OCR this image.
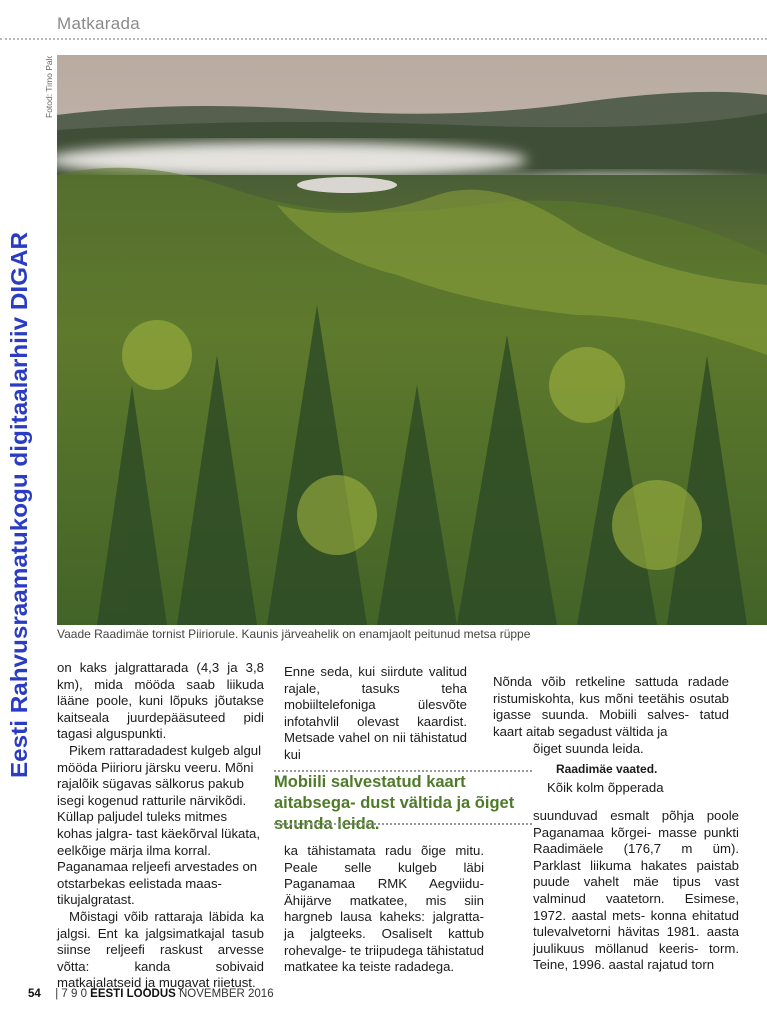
Matkarada
Eesti Rahvusraamatukogu digitaalarhiiv DIGAR
Fotod: Timo Palo
Vaade Raadimäe tornist Piiriorule. Kaunis järveahelik on enamjaolt peitunud metsa rüppe

on kaks jalgrattarada (4,3 ja 3,8 km), mida mööda saab liikuda lääne poole, kuni lõpuks jõutakse kaitseala juurdepääsuteed pidi tagasi alguspunkti.

Pikem rattaradadest kulgeb algul mööda Piirioru järsku veeru. Mõni rajalõik sügavas sälkorus pakub isegi kogenud ratturile närvikõdi. Küllap paljudel tuleks mitmes kohas jalgra- tast käekõrval lükata, eelkõige märja ilma korral. Paganamaa reljeefi arvestades on otstarbekas eelistada maas- tikujalgratast.

Mõistagi võib rattaraja läbida ka jalgsi. Ent ka jalgsimatkajal tasub siinse reljeefi raskust arvesse võtta: kanda sobivaid matkajalatseid ja mugavat riietust.

Enne seda, kui siirdute valitud rajale, tasuks teha mobiiltelefoniga ülesvõte infotahvlil olevast kaardist. Metsade vahel on nii tähistatud kui

Nõnda võib retkeline sattuda radade ristumiskohta, kus mõni teetähis osutab igasse suunda. Mobiili salves- tatud kaart aitab segadust vältida ja

õiget suunda leida.
Raadimäe vaated.
Mobiili salvestatud kaart aitabsega- dust vältida ja õiget suunda leida.

ka tähistamata radu õige mitu. Peale selle kulgeb läbi Paganamaa RMK Aegviidu-Ähijärve matkatee, mis siin hargneb lausa kaheks: jalgratta- ja jalgteeks. Osaliselt kattub rohevalge- te triipudega tähistatud matkatee ka teiste radadega.

Kõik kolm õpperada

suunduvad esmalt põhja poole Paganamaa kõrgei- masse punkti Raadimäele (176,7 m üm). Parklast liikuma hakates paistab puude vahelt mäe tipus vast valminud vaatetorn. Esimese, 1972. aastal mets- konna ehitatud tulevalvetorni hävitas 1981. aasta juulikuus möllanud keeris- torm. Teine, 1996. aastal rajatud torn

54 | 7 9 0 EESTI LOODUS NOVEMBER 2016
